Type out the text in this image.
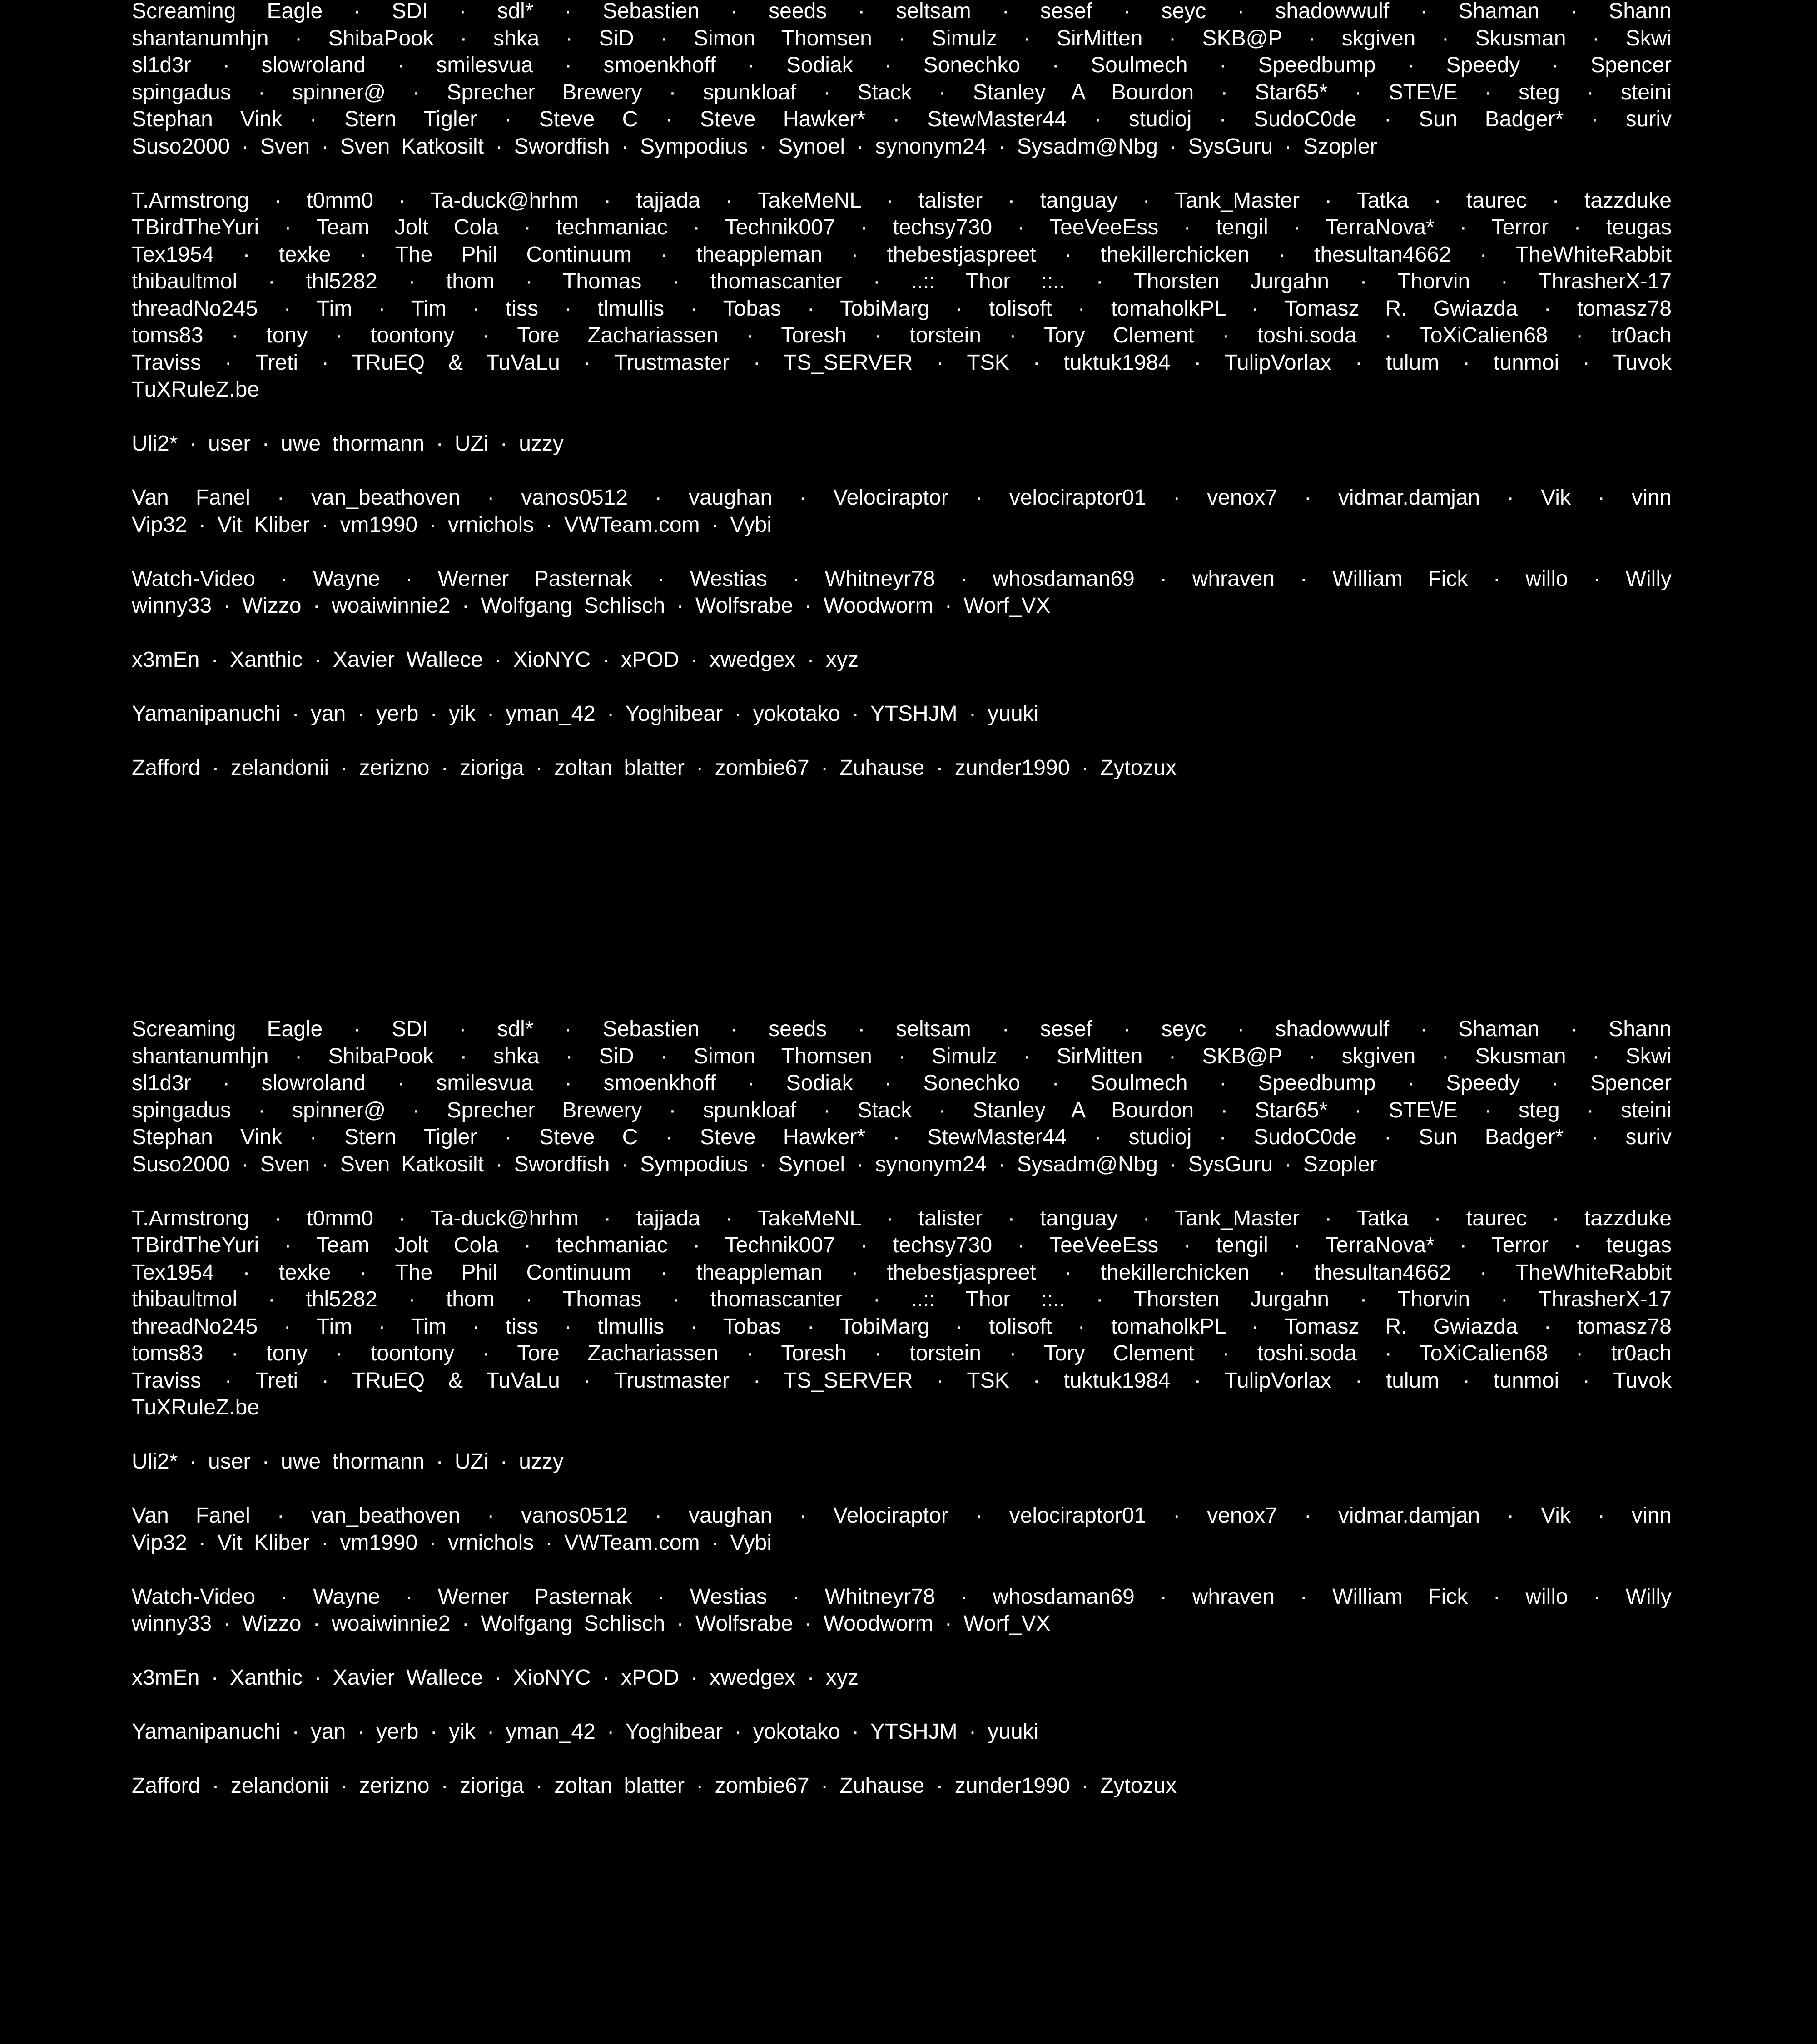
Screaming Eagle · SDI · sdl* · Sebastien · seeds · seltsam · sesef · seyc · shadowwulf · Shaman · Shann
shantanumhjn · ShibaPook · shka · SiD · Simon Thomsen · Simulz · SirMitten · SKB@P · skgiven · Skusman · Skwi
sl1d3r · slowroland · smilesvua · smoenkhoff · Sodiak · Sonechko · Soulmech · Speedbump · Speedy · Spencer
spingadus · spinner@ · Sprecher Brewery · spunkloaf · Stack · Stanley A Bourdon · Star65* · STE\/E · steg · steini
Stephan Vink · Stern Tigler · Steve C · Steve Hawker* · StewMaster44 · studioj · SudoC0de · Sun Badger* · suriv
Suso2000 · Sven · Sven Katkosilt · Swordfish · Sympodius · Synoel · synonym24 · Sysadm@Nbg · SysGuru · Szopler
T.Armstrong · t0mm0 · Ta-duck@hrhm · tajjada · TakeMeNL · talister · tanguay · Tank_Master · Tatka · taurec · tazzduke
TBirdTheYuri · Team Jolt Cola · techmaniac · Technik007 · techsy730 · TeeVeeEss · tengil · TerraNova* · Terror · teugas
Tex1954 · texke · The Phil Continuum · theappleman · thebestjaspreet · thekillerchicken · thesultan4662 · TheWhiteRabbit
thibaultmol · thl5282 · thom · Thomas · thomascanter · ..:: Thor ::.. · Thorsten Jurgahn · Thorvin · ThrasherX-17
threadNo245 · Tim · Tim · tiss · tlmullis · Tobas · TobiMarg · tolisoft · tomaholkPL · Tomasz R. Gwiazda · tomasz78
toms83 · tony · toontony · Tore Zachariassen · Toresh · torstein · Tory Clement · toshi.soda · ToXiCalien68 · tr0ach
Traviss · Treti · TRuEQ & TuVaLu · Trustmaster · TS_SERVER · TSK · tuktuk1984 · TulipVorlax · tulum · tunmoi · Tuvok
TuXRuleZ.be
Uli2* · user · uwe thormann · UZi · uzzy
Van Fanel · van_beathoven · vanos0512 · vaughan · Velociraptor · velociraptor01 · venox7 · vidmar.damjan · Vik · vinn
Vip32 · Vit Kliber · vm1990 · vrnichols · VWTeam.com · Vybi
Watch-Video · Wayne · Werner Pasternak · Westias · Whitneyr78 · whosdaman69 · whraven · William Fick · willo · Willy
winny33 · Wizzo · woaiwinnie2 · Wolfgang Schlisch · Wolfsrabe · Woodworm · Worf_VX
x3mEn · Xanthic · Xavier Wallece · XioNYC · xPOD · xwedgex · xyz
Yamanipanuchi · yan · yerb · yik · yman_42 · Yoghibear · yokotako · YTSHJM · yuuki
Zafford · zelandonii · zerizno · zioriga · zoltan blatter · zombie67 · Zuhause · zunder1990 · Zytozux
Screaming Eagle · SDI · sdl* · Sebastien · seeds · seltsam · sesef · seyc · shadowwulf · Shaman · Shann
shantanumhjn · ShibaPook · shka · SiD · Simon Thomsen · Simulz · SirMitten · SKB@P · skgiven · Skusman · Skwi
sl1d3r · slowroland · smilesvua · smoenkhoff · Sodiak · Sonechko · Soulmech · Speedbump · Speedy · Spencer
spingadus · spinner@ · Sprecher Brewery · spunkloaf · Stack · Stanley A Bourdon · Star65* · STE\/E · steg · steini
Stephan Vink · Stern Tigler · Steve C · Steve Hawker* · StewMaster44 · studioj · SudoC0de · Sun Badger* · suriv
Suso2000 · Sven · Sven Katkosilt · Swordfish · Sympodius · Synoel · synonym24 · Sysadm@Nbg · SysGuru · Szopler
T.Armstrong · t0mm0 · Ta-duck@hrhm · tajjada · TakeMeNL · talister · tanguay · Tank_Master · Tatka · taurec · tazzduke
TBirdTheYuri · Team Jolt Cola · techmaniac · Technik007 · techsy730 · TeeVeeEss · tengil · TerraNova* · Terror · teugas
Tex1954 · texke · The Phil Continuum · theappleman · thebestjaspreet · thekillerchicken · thesultan4662 · TheWhiteRabbit
thibaultmol · thl5282 · thom · Thomas · thomascanter · ..:: Thor ::.. · Thorsten Jurgahn · Thorvin · ThrasherX-17
threadNo245 · Tim · Tim · tiss · tlmullis · Tobas · TobiMarg · tolisoft · tomaholkPL · Tomasz R. Gwiazda · tomasz78
toms83 · tony · toontony · Tore Zachariassen · Toresh · torstein · Tory Clement · toshi.soda · ToXiCalien68 · tr0ach
Traviss · Treti · TRuEQ & TuVaLu · Trustmaster · TS_SERVER · TSK · tuktuk1984 · TulipVorlax · tulum · tunmoi · Tuvok
TuXRuleZ.be
Uli2* · user · uwe thormann · UZi · uzzy
Van Fanel · van_beathoven · vanos0512 · vaughan · Velociraptor · velociraptor01 · venox7 · vidmar.damjan · Vik · vinn
Vip32 · Vit Kliber · vm1990 · vrnichols · VWTeam.com · Vybi
Watch-Video · Wayne · Werner Pasternak · Westias · Whitneyr78 · whosdaman69 · whraven · William Fick · willo · Willy
winny33 · Wizzo · woaiwinnie2 · Wolfgang Schlisch · Wolfsrabe · Woodworm · Worf_VX
x3mEn · Xanthic · Xavier Wallece · XioNYC · xPOD · xwedgex · xyz
Yamanipanuchi · yan · yerb · yik · yman_42 · Yoghibear · yokotako · YTSHJM · yuuki
Zafford · zelandonii · zerizno · zioriga · zoltan blatter · zombie67 · Zuhause · zunder1990 · Zytozux
